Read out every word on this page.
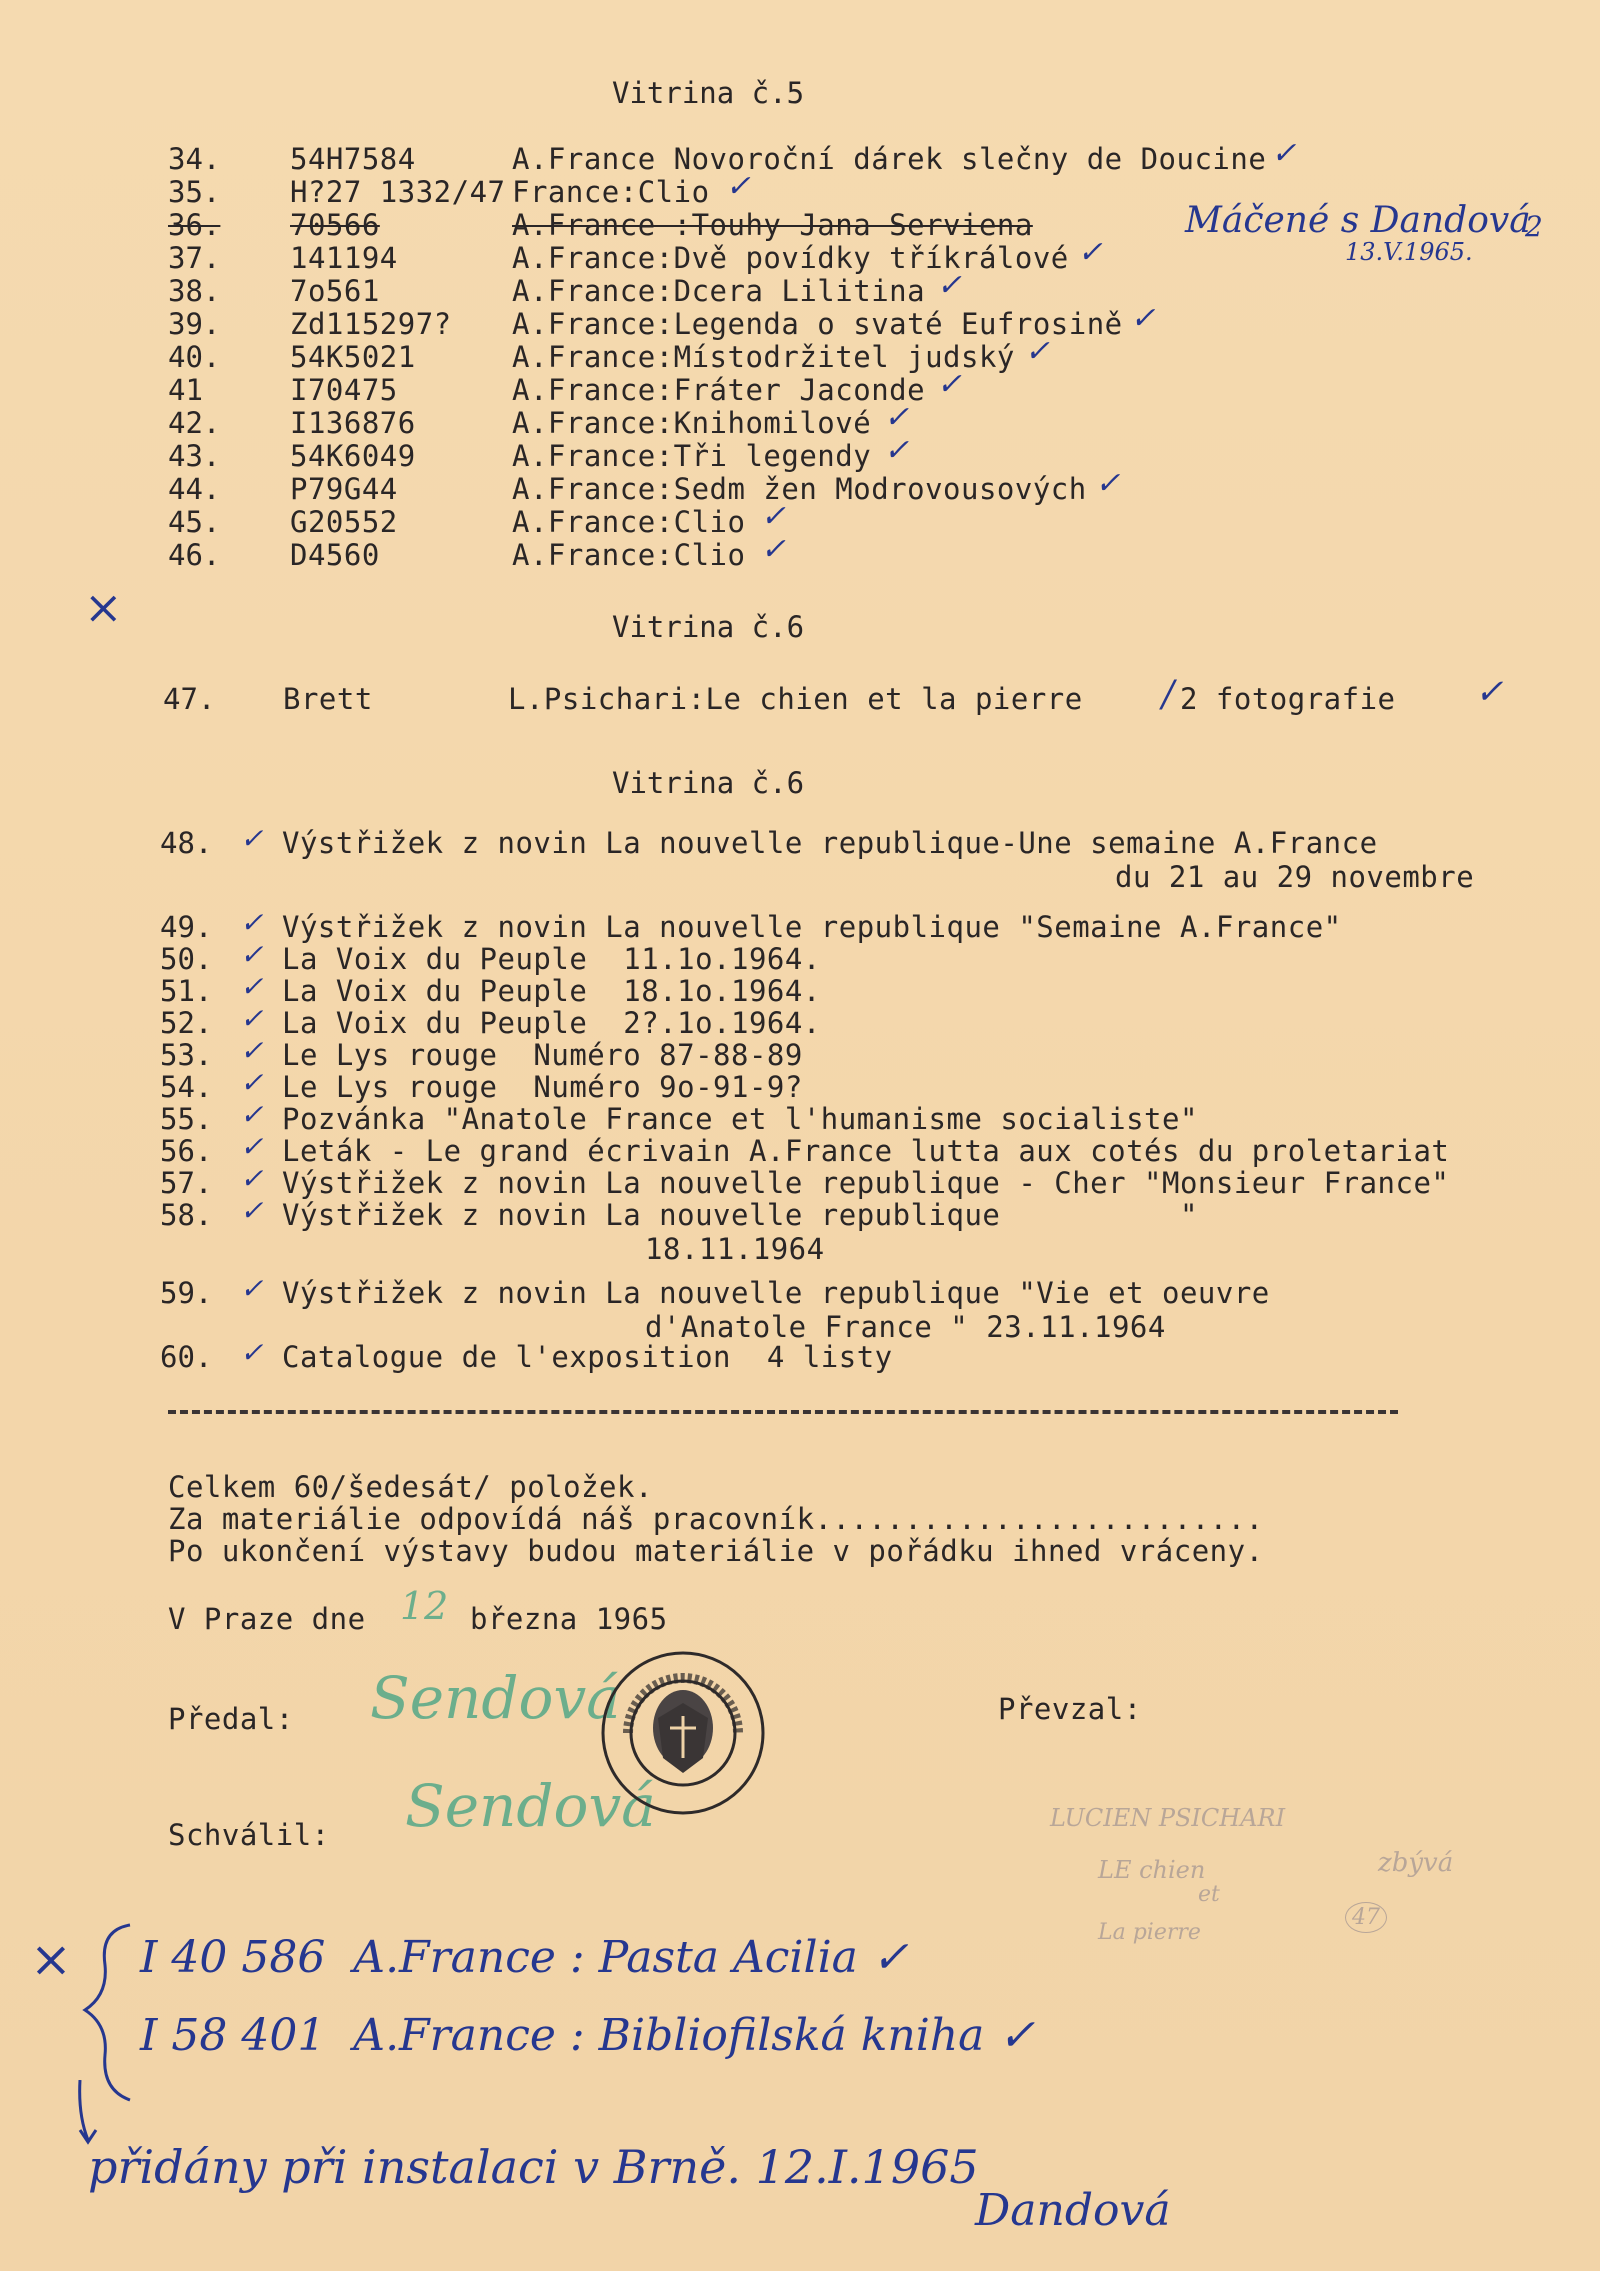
Vitrina č.5
34. 54H7584	A.France Novoroční dárek slečny de Doucine ✓
35. H?27 1332/47 France:Clio ✓
36. 70566	A.France :Touhy Jana Serviena
37. 141194	A.France:Dvě povídky tříkrálové ✓
38. 7o561	A.France:Dcera Lilitina ✓
39. Zd115297? A.France:Legenda o svaté Eufrosině ✓
40. 54K5021	A.France:Místodržitel judský ✓
41	I70475	A.France:Fráter Jaconde ✓
42. I136876	A.France:Knihomilové ✓
43. 54K6049	A.France:Tři legendy ✓
44. P79G44	A.France:Sedm žen Modrovousových ✓
45. G20552	A.France:Clio ✓
46. D4560	A.France:Clio ✓
Máčené s Dandová
13.V.1965.
2
×	Vitrina č.6
47. Brett	L.Psichari:Le chien et la pierre / 2 fotografie ✓
Vitrina č.6
48. ✓ Výstřižek z novin La nouvelle republique-Une semaine A.France
du 21 au 29 novembre
49. ✓ Výstřižek z novin La nouvelle republique "Semaine A.France"
50. ✓ La Voix du Peuple  11.1o.1964.
51. ✓ La Voix du Peuple  18.1o.1964.
52. ✓ La Voix du Peuple  2?.1o.1964.
53. ✓ Le Lys rouge  Numéro 87-88-89
54. ✓ Le Lys rouge  Numéro 9o-91-9?
55. ✓ Pozvánka "Anatole France et l'humanisme socialiste"
56. ✓ Leták - Le grand écrivain A.France lutta aux cotés du proletariat
57. ✓ Výstřižek z novin La nouvelle republique - Cher "Monsieur France"
58. ✓ Výstřižek z novin La nouvelle republique          "
18.11.1964
59. ✓ Výstřižek z novin La nouvelle republique "Vie et oeuvre
d'Anatole France " 23.11.1964
60. ✓ Catalogue de l'exposition  4 listy
Celkem 60/šedesát/ položek.
Za materiálie odpovídá náš pracovník.........................
Po ukončení výstavy budou materiálie v pořádku ihned vráceny.
V Praze dne 12 března 1965
Předal: Sendová	Převzal:
Schválil: Sendová	LUCIEN PSICHARI
LE chien
et
La pierre
47
zbývá
× I 40 586  A.France : Pasta Acilia ✓
I 58 401  A.France : Bibliofilská kniha ✓
přidány při instalaci v Brně. 12.I.1965
Dandová
